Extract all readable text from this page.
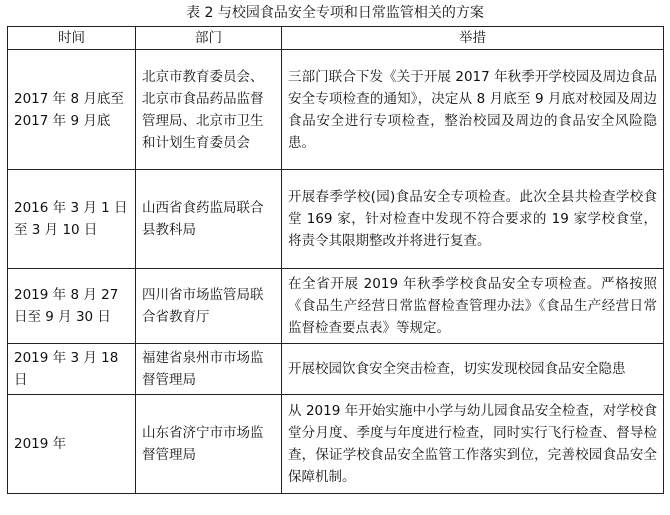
表 2 与校园食品安全专项和日常监管相关的方案
时间	部门	举措
2017 年 8 月底至 2017 年 9 月底	北京市教育委员会、北京市食品药品监督管理局、北京市卫生和计划生育委员会	三部门联合下发《关于开展 2017 年秋季开学校园及周边食品安全专项检查的通知》，决定从 8 月底至 9 月底对校园及周边食品安全进行专项检查，整治校园及周边的食品安全风险隐患。
2016 年 3 月 1 日至 3 月 10 日	山西省食药监局联合县教科局	开展春季学校(园)食品安全专项检查。此次全县共检查学校食堂 169 家，针对检查中发现不符合要求的 19 家学校食堂，将责令其限期整改并将进行复查。
2019 年 8 月 27 日至 9 月 30 日	四川省市场监管局联合省教育厅	在全省开展 2019 年秋季学校食品安全专项检查。严格按照《食品生产经营日常监督检查管理办法》《食品生产经营日常监督检查要点表》等规定。
2019 年 3 月 18 日	福建省泉州市市场监督管理局	开展校园饮食安全突击检查，切实发现校园食品安全隐患
2019 年	山东省济宁市市场监督管理局	从 2019 年开始实施中小学与幼儿园食品安全检查，对学校食堂分月度、季度与年度进行检查，同时实行飞行检查、督导检查，保证学校食品安全监管工作落实到位，完善校园食品安全保障机制。
